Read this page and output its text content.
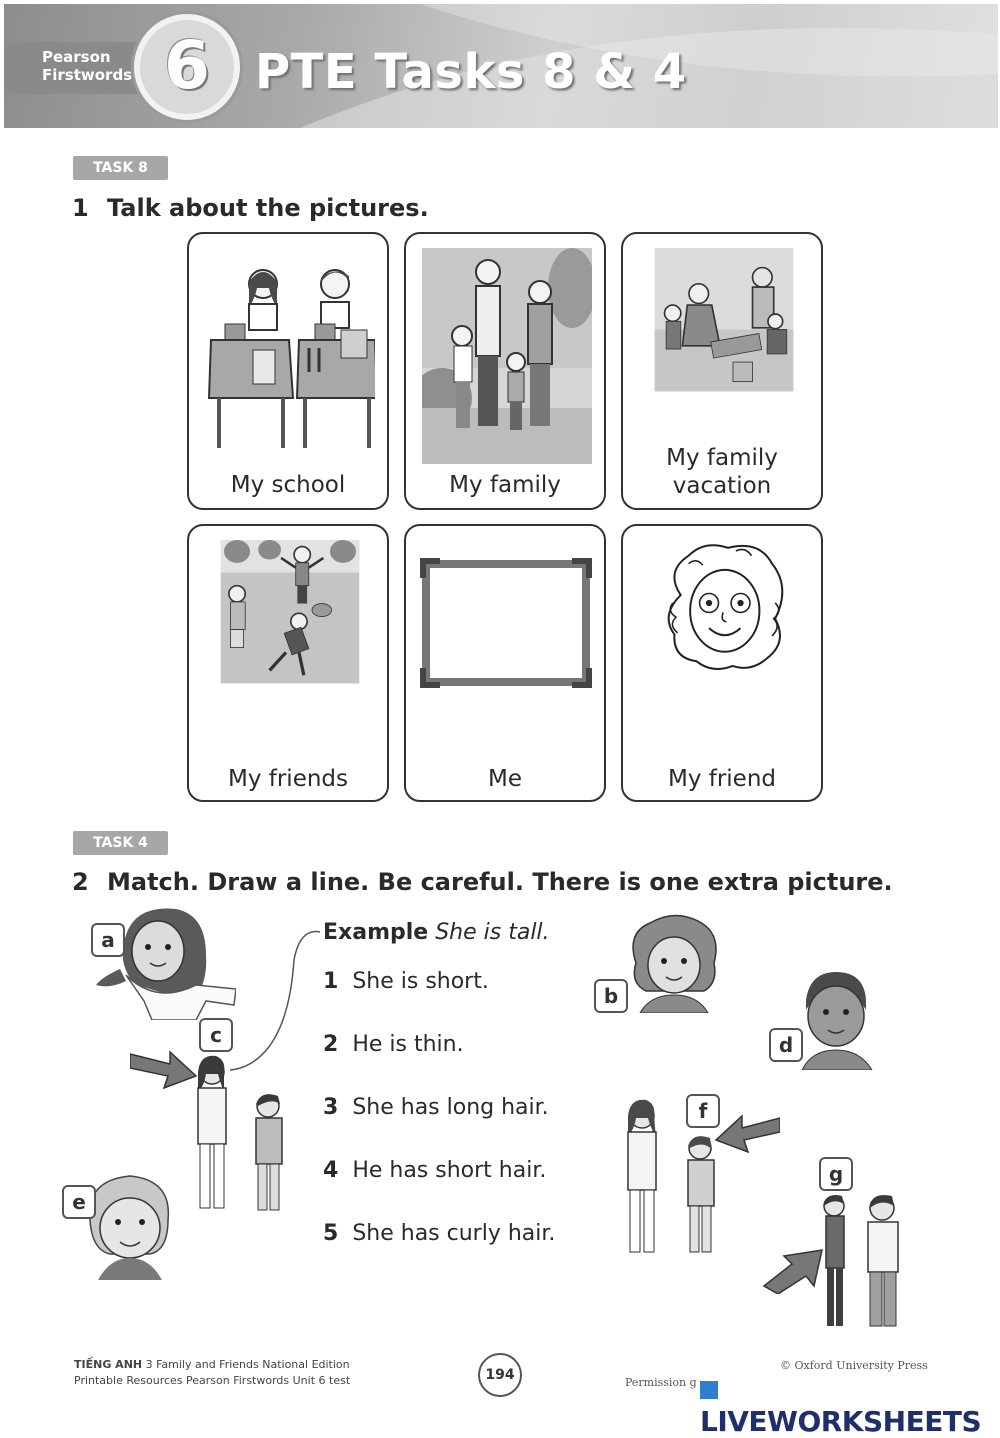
Pearson
Firstwords 6 PTE Tasks 8 & 4
TASK 8
1 Talk about the pictures.
My school	My family
My family
vacation
My friends	Me	My friend
TASK 4
2 Match. Draw a line. Be careful. There is one extra picture.
a
c
e
Example She is tall.
1 She is short.
2 He is thin.
3 She has long hair.
4 He has short hair.
5 She has curly hair.
b
d
f
g
TIẾNG ANH 3 Family and Friends National Edition
Printable Resources Pearson Firstwords Unit 6 test	194
© Oxford University Press
Permission g
LIVEWORKSHEETS
